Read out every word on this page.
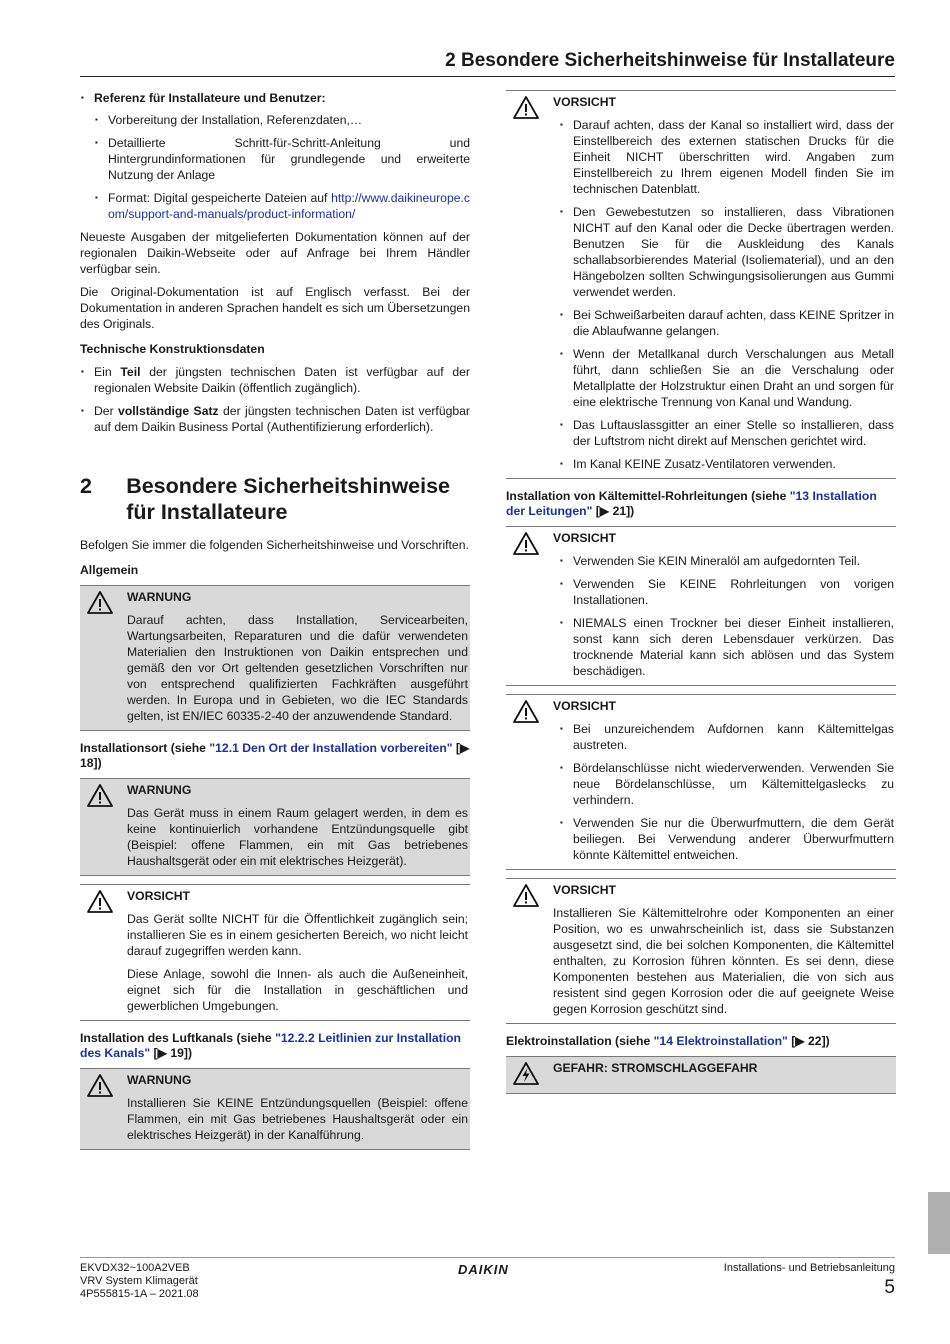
2 Besondere Sicherheitshinweise für Installateure
▪ Referenz für Installateure und Benutzer:
▪ Vorbereitung der Installation, Referenzdaten,…
▪ Detaillierte Schritt-für-Schritt-Anleitung und Hintergrundinformationen für grundlegende und erweiterte Nutzung der Anlage
▪ Format: Digital gespeicherte Dateien auf http://www.daikineurope.com/support-and-manuals/product-information/

Neueste Ausgaben der mitgelieferten Dokumentation können auf der regionalen Daikin-Webseite oder auf Anfrage bei Ihrem Händler verfügbar sein.

Die Original-Dokumentation ist auf Englisch verfasst. Bei der Dokumentation in anderen Sprachen handelt es sich um Übersetzungen des Originals.

Technische Konstruktionsdaten
▪ Ein Teil der jüngsten technischen Daten ist verfügbar auf der regionalen Website Daikin (öffentlich zugänglich).
▪ Der vollständige Satz der jüngsten technischen Daten ist verfügbar auf dem Daikin Business Portal (Authentifizierung erforderlich).
2	Besondere Sicherheitshinweise für Installateure

Befolgen Sie immer die folgenden Sicherheitshinweise und Vorschriften.

Allgemein
WARNUNG

Darauf achten, dass Installation, Servicearbeiten, Wartungsarbeiten, Reparaturen und die dafür verwendeten Materialien den Instruktionen von Daikin entsprechen und gemäß den vor Ort geltenden gesetzlichen Vorschriften nur von entsprechend qualifizierten Fachkräften ausgeführt werden. In Europa und in Gebieten, wo die IEC Standards gelten, ist EN/IEC 60335-2-40 der anzuwendende Standard.

Installationsort (siehe "12.1 Den Ort der Installation vorbereiten" [▶ 18])
WARNUNG

Das Gerät muss in einem Raum gelagert werden, in dem es keine kontinuierlich vorhandene Entzündungsquelle gibt (Beispiel: offene Flammen, ein mit Gas betriebenes Haushaltsgerät oder ein mit elektrisches Heizgerät).

VORSICHT

Das Gerät sollte NICHT für die Öffentlichkeit zugänglich sein; installieren Sie es in einem gesicherten Bereich, wo nicht leicht darauf zugegriffen werden kann.

Diese Anlage, sowohl die Innen- als auch die Außeneinheit, eignet sich für die Installation in geschäftlichen und gewerblichen Umgebungen.

Installation des Luftkanals (siehe "12.2.2 Leitlinien zur Installation des Kanals" [▶ 19])
WARNUNG

Installieren Sie KEINE Entzündungsquellen (Beispiel: offene Flammen, ein mit Gas betriebenes Haushaltsgerät oder ein elektrisches Heizgerät) in der Kanalführung.

VORSICHT
▪ Darauf achten, dass der Kanal so installiert wird, dass der Einstellbereich des externen statischen Drucks für die Einheit NICHT überschritten wird. Angaben zum Einstellbereich zu Ihrem eigenen Modell finden Sie im technischen Datenblatt.
▪ Den Gewebestutzen so installieren, dass Vibrationen NICHT auf den Kanal oder die Decke übertragen werden. Benutzen Sie für die Auskleidung des Kanals schallabsorbierendes Material (Isoliematerial), und an den Hängebolzen sollten Schwingungsisolierungen aus Gummi verwendet werden.
▪ Bei Schweißarbeiten darauf achten, dass KEINE Spritzer in die Ablaufwanne gelangen.
▪ Wenn der Metallkanal durch Verschalungen aus Metall führt, dann schließen Sie an die Verschalung oder Metallplatte der Holzstruktur einen Draht an und sorgen für eine elektrische Trennung von Kanal und Wandung.
▪ Das Luftauslassgitter an einer Stelle so installieren, dass der Luftstrom nicht direkt auf Menschen gerichtet wird.
▪ Im Kanal KEINE Zusatz-Ventilatoren verwenden.
Installation von Kältemittel-Rohrleitungen (siehe "13 Installation der Leitungen" [▶ 21])
VORSICHT
▪ Verwenden Sie KEIN Mineralöl am aufgedornten Teil.
▪ Verwenden Sie KEINE Rohrleitungen von vorigen Installationen.
▪ NIEMALS einen Trockner bei dieser Einheit installieren, sonst kann sich deren Lebensdauer verkürzen. Das trocknende Material kann sich ablösen und das System beschädigen.
VORSICHT
▪ Bei unzureichendem Aufdornen kann Kältemittelgas austreten.
▪ Bördelanschlüsse nicht wiederverwenden. Verwenden Sie neue Bördelanschlüsse, um Kältemittelgaslecks zu verhindern.
▪ Verwenden Sie nur die Überwurfmuttern, die dem Gerät beiliegen. Bei Verwendung anderer Überwurfmuttern könnte Kältemittel entweichen.
VORSICHT

Installieren Sie Kältemittelrohre oder Komponenten an einer Position, wo es unwahrscheinlich ist, dass sie Substanzen ausgesetzt sind, die bei solchen Komponenten, die Kältemittel enthalten, zu Korrosion führen könnten. Es sei denn, diese Komponenten bestehen aus Materialien, die von sich aus resistent sind gegen Korrosion oder die auf geeignete Weise gegen Korrosion geschützt sind.

Elektroinstallation (siehe "14 Elektroinstallation" [▶ 22])
GEFAHR: STROMSCHLAGGEFAHR
EKVDX32~100A2VEB
VRV System Klimagerät
4P555815-1A – 2021.08
DAIKIN	Installations- und Betriebsanleitung
5
